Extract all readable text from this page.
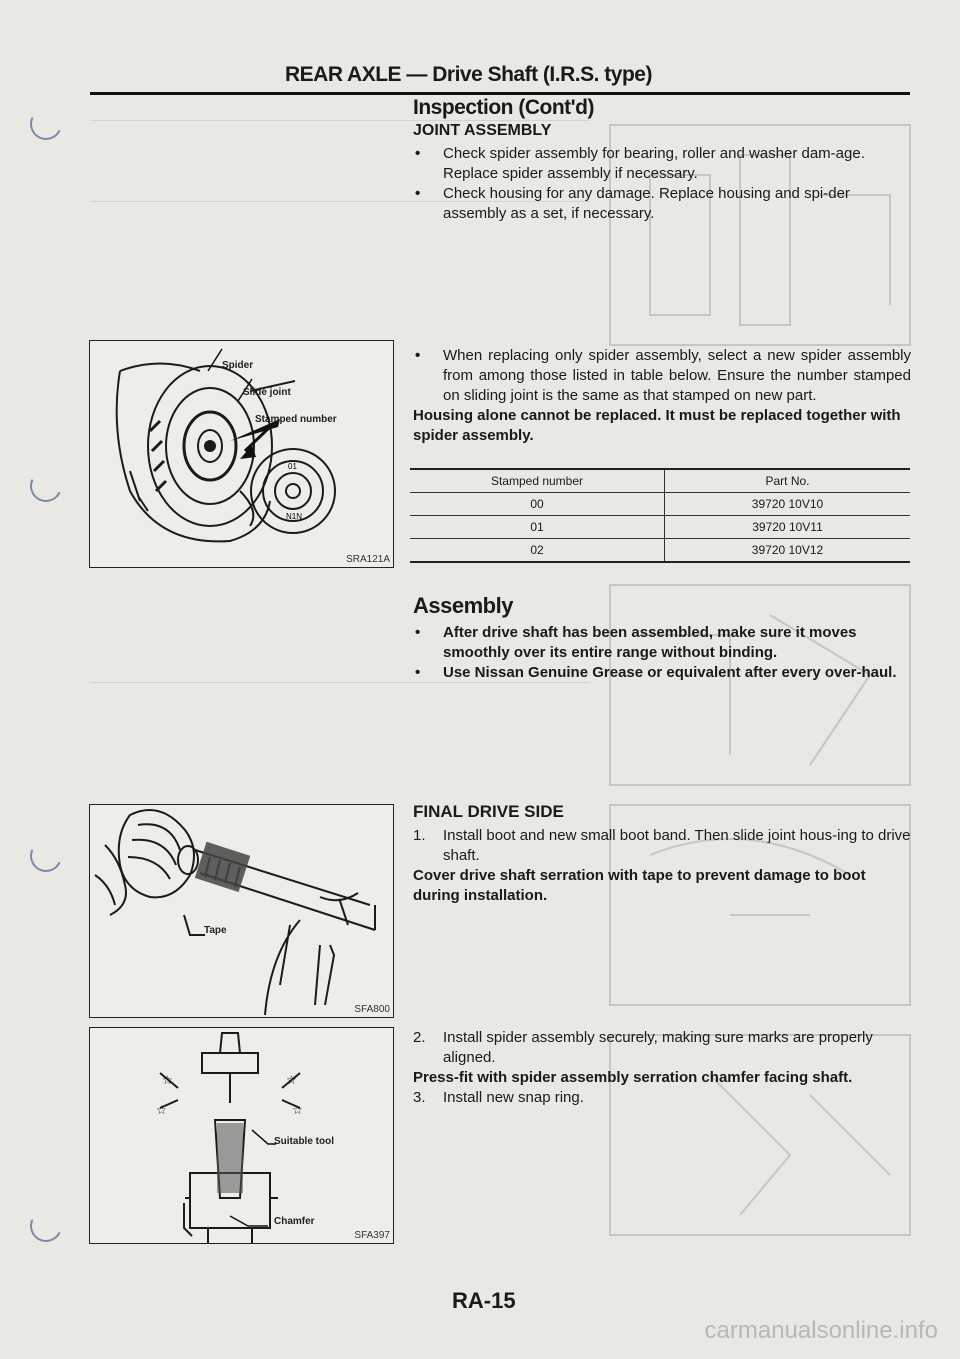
REAR AXLE — Drive Shaft (I.R.S. type)
Inspection (Cont'd)
JOINT ASSEMBLY
• Check spider assembly for bearing, roller and washer dam-age. Replace spider assembly if necessary.
• Check housing for any damage. Replace housing and spi-der assembly as a set, if necessary.
01
N1N
Spider
Slide joint
Stamped number
SRA121A
• When replacing only spider assembly, select a new spider assembly from among those listed in table below. Ensure the number stamped on sliding joint is the same as that stamped on new part.
Housing alone cannot be replaced. It must be replaced together with spider assembly.
Stamped number	Part No.
00	39720 10V10
01	39720 10V11
02	39720 10V12
Assembly
• After drive shaft has been assembled, make sure it moves smoothly over its entire range without binding.
• Use Nissan Genuine Grease or equivalent after every over-haul.
Tape
SFA800
FINAL DRIVE SIDE
1. Install boot and new small boot band. Then slide joint hous-ing to drive shaft.
Cover drive shaft serration with tape to prevent damage to boot during installation.
☆	☆
☆	☆
Suitable tool
Chamfer
SFA397
2. Install spider assembly securely, making sure marks are properly aligned.
Press-fit with spider assembly serration chamfer facing shaft.
3. Install new snap ring.
RA-15
carmanualsonline.info
